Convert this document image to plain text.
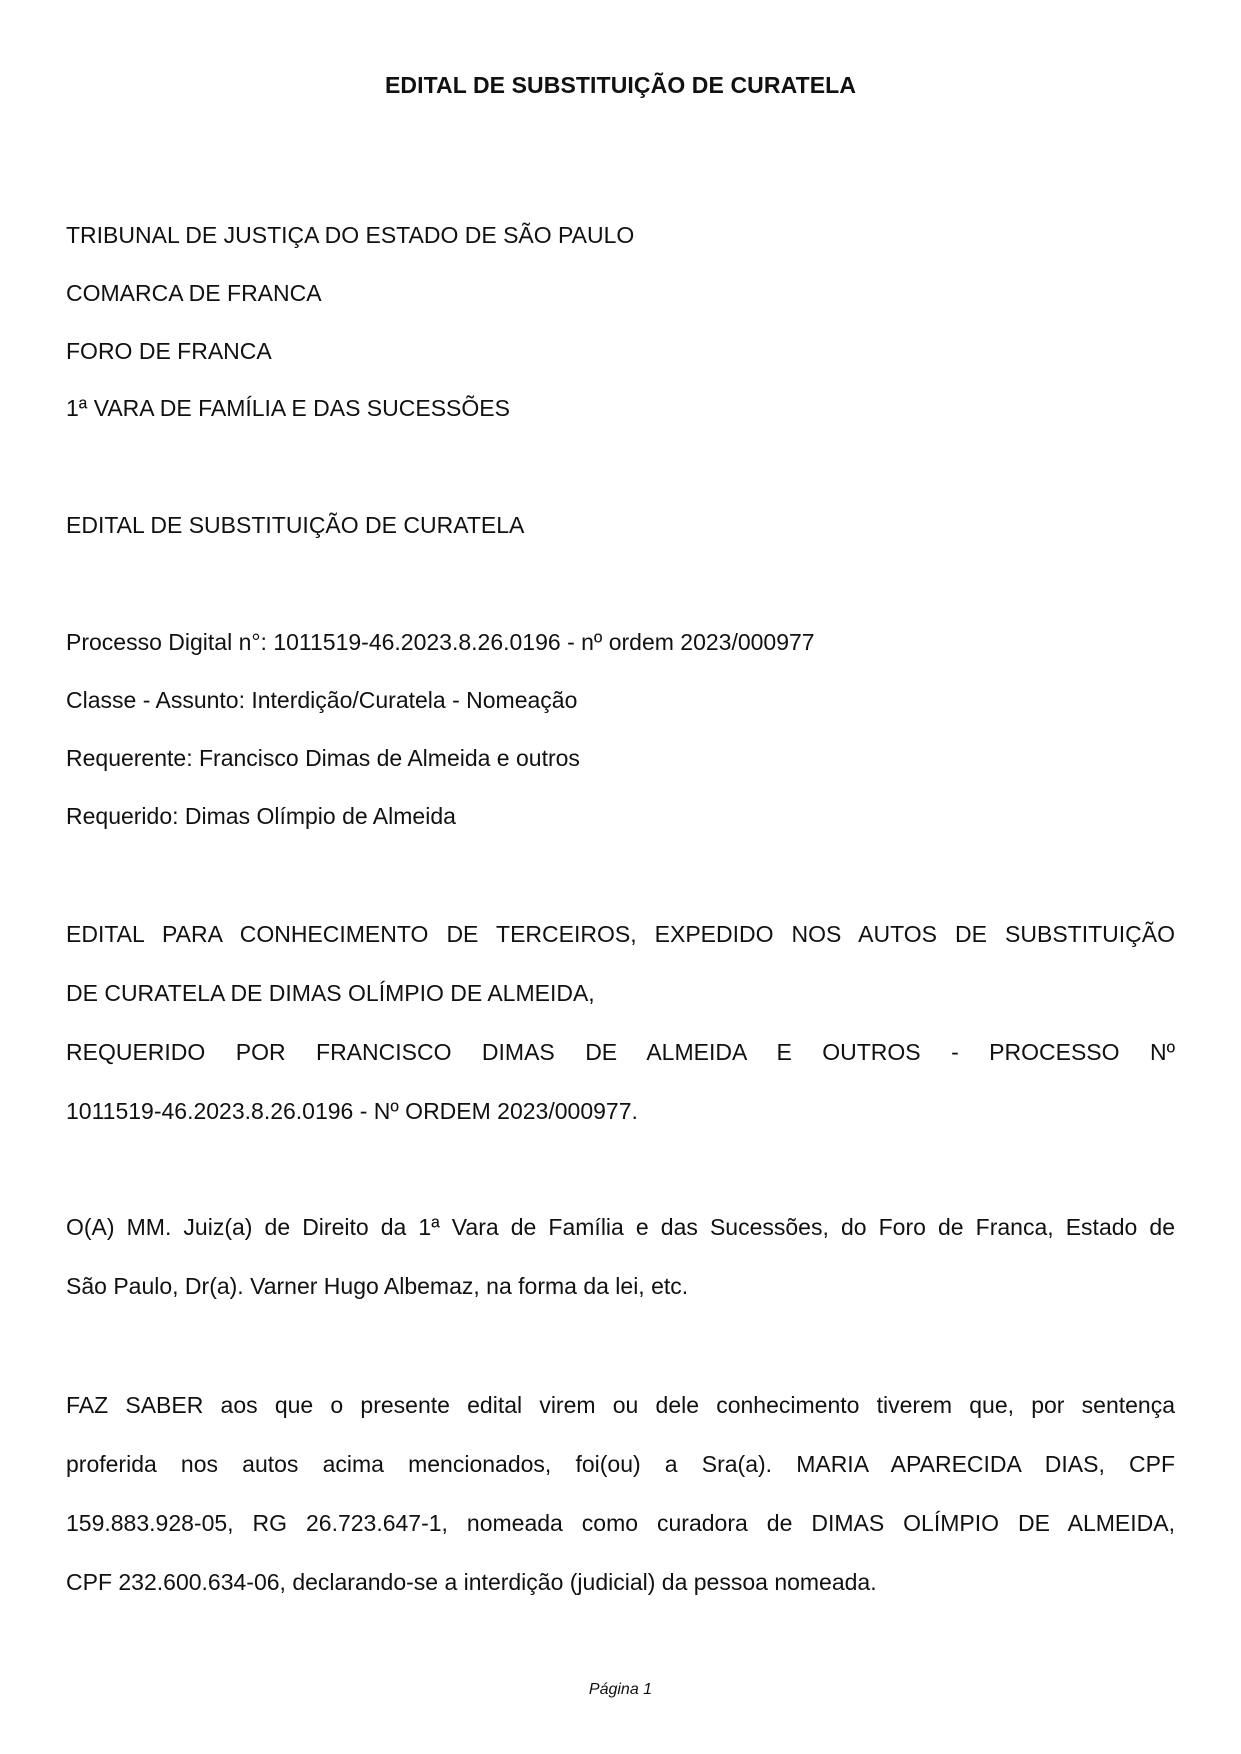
EDITAL DE SUBSTITUIÇÃO DE CURATELA
TRIBUNAL DE JUSTIÇA DO ESTADO DE SÃO PAULO
COMARCA DE FRANCA
FORO DE FRANCA
1ª VARA DE FAMÍLIA E DAS SUCESSÕES
EDITAL DE SUBSTITUIÇÃO DE CURATELA
Processo Digital n°: 1011519-46.2023.8.26.0196 - nº ordem 2023/000977
Classe - Assunto: Interdição/Curatela - Nomeação
Requerente: Francisco Dimas de Almeida e outros
Requerido: Dimas Olímpio de Almeida
EDITAL PARA CONHECIMENTO DE TERCEIROS, EXPEDIDO NOS AUTOS DE SUBSTITUIÇÃO
DE CURATELA DE DIMAS OLÍMPIO DE ALMEIDA,
REQUERIDO POR FRANCISCO DIMAS DE ALMEIDA E OUTROS - PROCESSO Nº
1011519-46.2023.8.26.0196 - Nº ORDEM 2023/000977.
O(A) MM. Juiz(a) de Direito da 1ª Vara de Família e das Sucessões, do Foro de Franca, Estado de
São Paulo, Dr(a). Varner Hugo Albemaz, na forma da lei, etc.
FAZ SABER aos que o presente edital virem ou dele conhecimento tiverem que, por sentença
proferida nos autos acima mencionados, foi(ou) a Sra(a). MARIA APARECIDA DIAS, CPF
159.883.928-05, RG 26.723.647-1, nomeada como curadora de DIMAS OLÍMPIO DE ALMEIDA,
CPF 232.600.634-06, declarando-se a interdição (judicial) da pessoa nomeada.
Página 1
